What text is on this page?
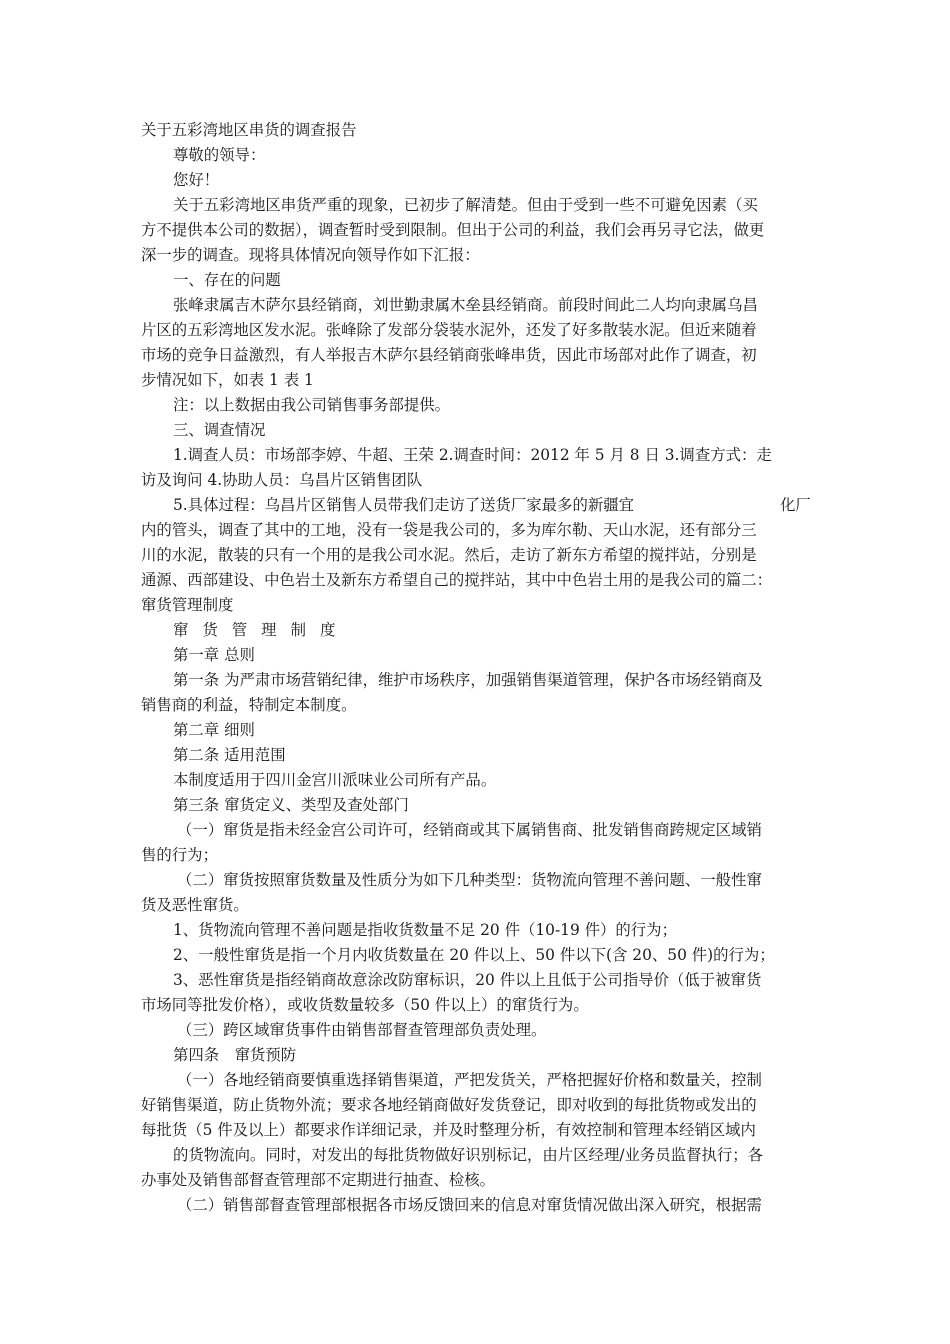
关于五彩湾地区串货的调查报告
尊敬的领导：
您好！
关于五彩湾地区串货严重的现象，已初步了解清楚。但由于受到一些不可避免因素（买
方不提供本公司的数据），调查暂时受到限制。但出于公司的利益，我们会再另寻它法，做更
深一步的调查。现将具体情况向领导作如下汇报：
一、存在的问题
张峰隶属吉木萨尔县经销商，刘世勤隶属木垒县经销商。前段时间此二人均向隶属乌昌
片区的五彩湾地区发水泥。张峰除了发部分袋装水泥外，还发了好多散装水泥。但近来随着
市场的竞争日益激烈，有人举报吉木萨尔县经销商张峰串货，因此市场部对此作了调查，初
步情况如下，如表 1 表 1
注：以上数据由我公司销售事务部提供。
三、调查情况
1.调查人员：市场部李婷、牛超、王荣 2.调查时间：2012 年 5 月 8 日 3.调查方式：走
访及询问 4.协助人员：乌昌片区销售团队
5.具体过程：乌昌片区销售人员带我们走访了送货厂家最多的新疆宜	化厂
内的管头，调查了其中的工地，没有一袋是我公司的，多为库尔勒、天山水泥，还有部分三
川的水泥，散装的只有一个用的是我公司水泥。然后，走访了新东方希望的搅拌站，分别是
通源、西部建设、中色岩土及新东方希望自己的搅拌站，其中中色岩土用的是我公司的篇二：
窜货管理制度
窜货管理制度
第一章 总则
第一条 为严肃市场营销纪律，维护市场秩序，加强销售渠道管理，保护各市场经销商及
销售商的利益，特制定本制度。
第二章 细则
第二条 适用范围
本制度适用于四川金宫川派味业公司所有产品。
第三条 窜货定义、类型及查处部门
（一）窜货是指未经金宫公司许可，经销商或其下属销售商、批发销售商跨规定区域销
售的行为；
（二）窜货按照窜货数量及性质分为如下几种类型：货物流向管理不善问题、一般性窜
货及恶性窜货。
1、货物流向管理不善问题是指收货数量不足 20 件（10-19 件）的行为；
2、一般性窜货是指一个月内收货数量在 20 件以上、50 件以下(含 20、50 件)的行为；
3、恶性窜货是指经销商故意涂改防窜标识，20 件以上且低于公司指导价（低于被窜货
市场同等批发价格），或收货数量较多（50 件以上）的窜货行为。
（三）跨区域窜货事件由销售部督查管理部负责处理。
第四条　窜货预防
（一）各地经销商要慎重选择销售渠道，严把发货关，严格把握好价格和数量关，控制
好销售渠道，防止货物外流；要求各地经销商做好发货登记，即对收到的每批货物或发出的
每批货（5 件及以上）都要求作详细记录，并及时整理分析，有效控制和管理本经销区域内
的货物流向。同时，对发出的每批货物做好识别标记，由片区经理/业务员监督执行；各
办事处及销售部督查管理部不定期进行抽查、检核。
（二）销售部督查管理部根据各市场反馈回来的信息对窜货情况做出深入研究，根据需
